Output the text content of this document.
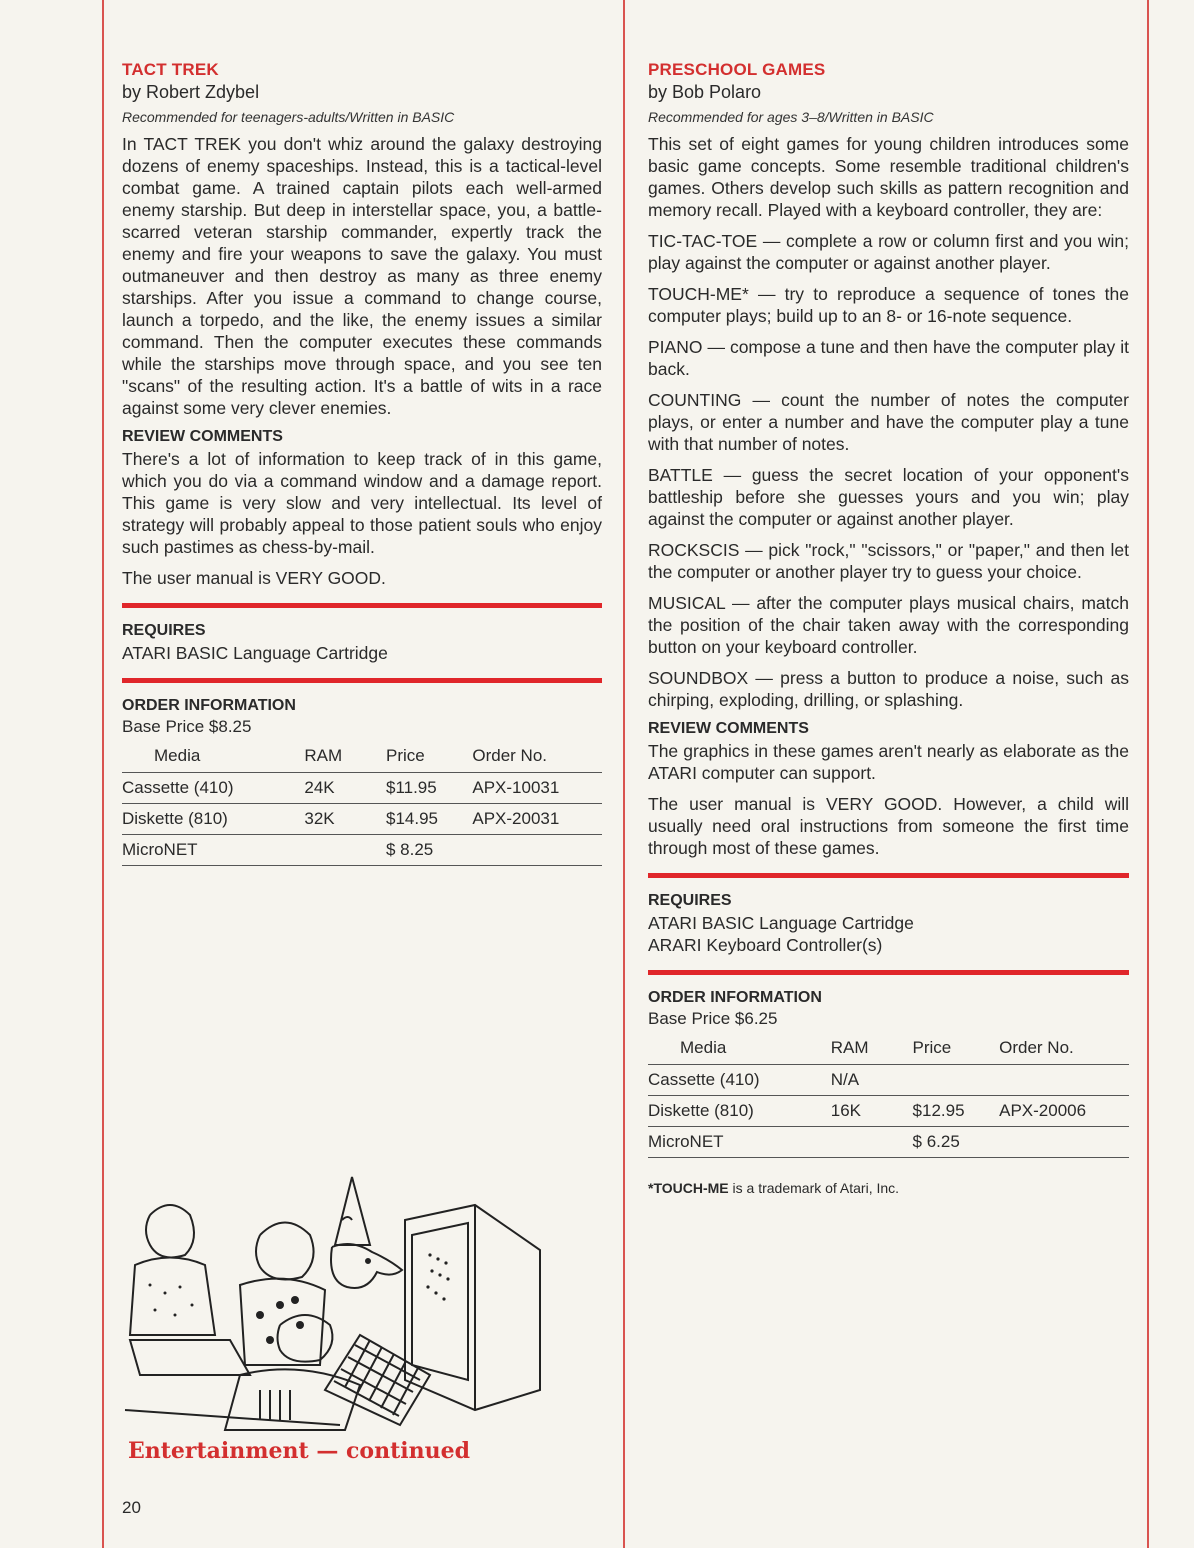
TACT TREK
by Robert Zdybel
Recommended for teenagers-adults/Written in BASIC

In TACT TREK you don't whiz around the galaxy destroying dozens of enemy spaceships. Instead, this is a tactical-level combat game. A trained captain pilots each well-armed enemy starship. But deep in interstellar space, you, a battle-scarred veteran starship commander, expertly track the enemy and fire your weapons to save the galaxy. You must outmaneuver and then destroy as many as three enemy starships. After you issue a command to change course, launch a torpedo, and the like, the enemy issues a similar command. Then the computer executes these commands while the starships move through space, and you see ten "scans" of the resulting action. It's a battle of wits in a race against some very clever enemies.

REVIEW COMMENTS

There's a lot of information to keep track of in this game, which you do via a command window and a damage report. This game is very slow and very intellectual. Its level of strategy will probably appeal to those patient souls who enjoy such pastimes as chess-by-mail.

The user manual is VERY GOOD.

REQUIRES
ATARI BASIC Language Cartridge
ORDER INFORMATION
Base Price $8.25
Media	RAM	Price	Order No.
Cassette (410)	24K	$11.95	APX-10031
Diskette (810)	32K	$14.95	APX-20031
MicroNET		$ 8.25	
Entertainment — continued
20
PRESCHOOL GAMES
by Bob Polaro
Recommended for ages 3–8/Written in BASIC

This set of eight games for young children introduces some basic game concepts. Some resemble traditional children's games. Others develop such skills as pattern recognition and memory recall. Played with a keyboard controller, they are:

TIC-TAC-TOE — complete a row or column first and you win; play against the computer or against another player.

TOUCH-ME* — try to reproduce a sequence of tones the computer plays; build up to an 8- or 16-note sequence.

PIANO — compose a tune and then have the computer play it back.

COUNTING — count the number of notes the computer plays, or enter a number and have the computer play a tune with that number of notes.

BATTLE — guess the secret location of your opponent's battleship before she guesses yours and you win; play against the computer or against another player.

ROCKSCIS — pick "rock," "scissors," or "paper," and then let the computer or another player try to guess your choice.

MUSICAL — after the computer plays musical chairs, match the position of the chair taken away with the corresponding button on your keyboard controller.

SOUNDBOX — press a button to produce a noise, such as chirping, exploding, drilling, or splashing.

REVIEW COMMENTS

The graphics in these games aren't nearly as elaborate as the ATARI computer can support.

The user manual is VERY GOOD. However, a child will usually need oral instructions from someone the first time through most of these games.

REQUIRES
ATARI BASIC Language Cartridge
ARARI Keyboard Controller(s)
ORDER INFORMATION
Base Price $6.25
Media	RAM	Price	Order No.
Cassette (410)	N/A		
Diskette (810)	16K	$12.95	APX-20006
MicroNET		$ 6.25	
*TOUCH-ME is a trademark of Atari, Inc.
